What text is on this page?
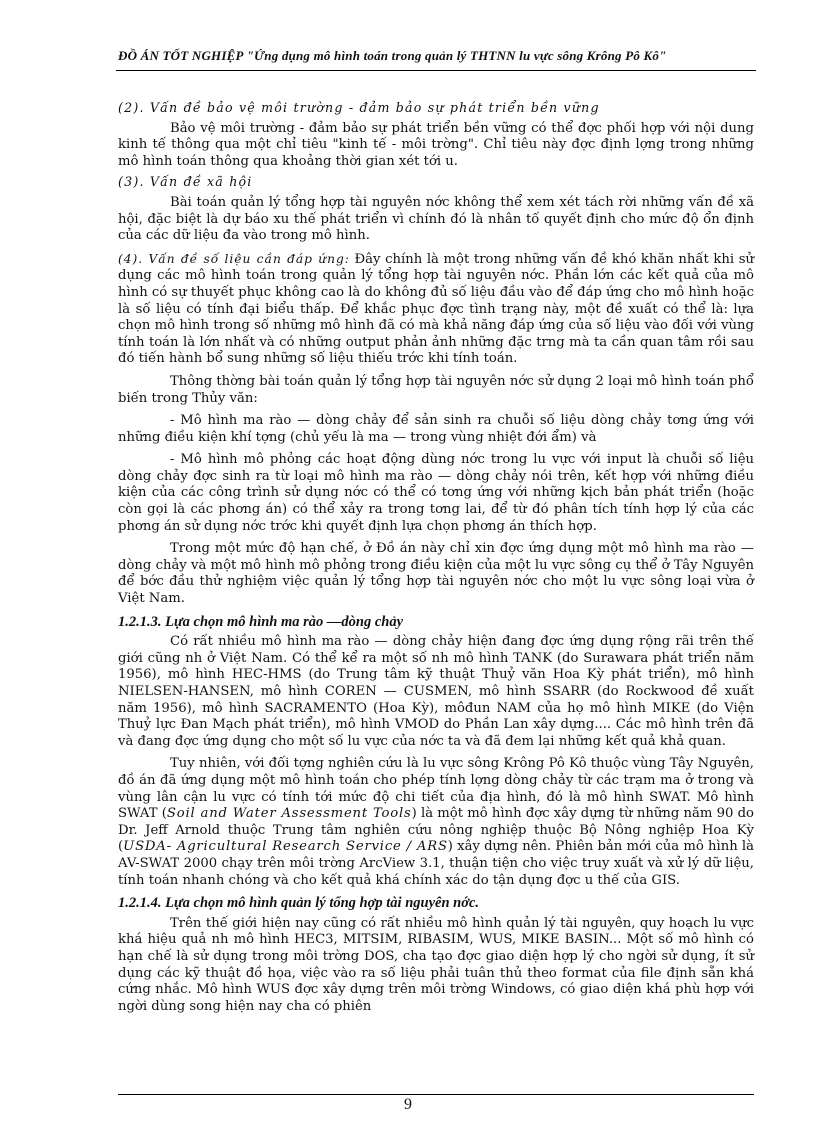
ĐỒ ÁN TỐT NGHIỆP "Ứng dụng mô hình toán trong quản lý THTNN lu vực sông Krông Pô Kô"

(2). Vấn đề bảo vệ môi trường - đảm bảo sự phát triển bền vững

Bảo vệ môi trường - đảm bảo sự phát triển bền vững có thể đợc phối hợp với nội dung kinh tế thông qua một chỉ tiêu "kinh tế - môi trờng". Chỉ tiêu này đợc định lợng trong những mô hình toán thông qua khoảng thời gian xét tới u.

(3). Vấn đề xã hội

Bài toán quản lý tổng hợp tài nguyên nớc không thể xem xét tách rời những vấn đề xã hội, đặc biệt là dự báo xu thế phát triển vì chính đó là nhân tố quyết định cho mức độ ổn định của các dữ liệu đa vào trong mô hình.

(4). Vấn đề số liệu cần đáp ứng: Đây chính là một trong những vấn đề khó khăn nhất khi sử dụng các mô hình toán trong quản lý tổng hợp tài nguyên nớc. Phần lớn các kết quả của mô hình có sự thuyết phục không cao là do không đủ số liệu đầu vào để đáp ứng cho mô hình hoặc là số liệu có tính đại biểu thấp. Để khắc phục đợc tình trạng này, một đề xuất có thể là: lựa chọn mô hình trong số những mô hình đã có mà khả năng đáp ứng của số liệu vào đối với vùng tính toán là lớn nhất và có những output phản ảnh những đặc trng mà ta cần quan tâm rồi sau đó tiến hành bổ sung những số liệu thiếu trớc khi tính toán.

Thông thờng bài toán quản lý tổng hợp tài nguyên nớc sử dụng 2 loại mô hình toán phổ biến trong Thủy văn:

- Mô hình ma rào — dòng chảy để sản sinh ra chuỗi số liệu dòng chảy tơng ứng với những điều kiện khí tợng (chủ yếu là ma — trong vùng nhiệt đới ẩm) và

- Mô hình mô phỏng các hoạt động dùng nớc trong lu vực với input là chuỗi số liệu dòng chảy đợc sinh ra từ loại mô hình ma rào — dòng chảy nói trên, kết hợp với những điều kiện của các công trình sử dụng nớc có thể có tơng ứng với những kịch bản phát triển (hoặc còn gọi là các phơng án) có thể xảy ra trong tơng lai, để từ đó phân tích tính hợp lý của các phơng án sử dụng nớc trớc khi quyết định lựa chọn phơng án thích hợp.

Trong một mức độ hạn chế, ở Đồ án này chỉ xin đợc ứng dụng một mô hình ma rào — dòng chảy và một mô hình mô phỏng trong điều kiện của một lu vực sông cụ thể ở Tây Nguyên để bớc đầu thử nghiệm việc quản lý tổng hợp tài nguyên nớc cho một lu vực sông loại vừa ở Việt Nam.

1.2.1.3. Lựa chọn mô hình ma rào —dòng chảy

Có rất nhiều mô hình ma rào — dòng chảy hiện đang đợc ứng dụng rộng rãi trên thế giới cũng nh ở Việt Nam. Có thể kể ra một số nh mô hình TANK (do Surawara phát triển năm 1956), mô hình HEC-HMS (do Trung tâm kỹ thuật Thuỷ văn Hoa Kỳ phát triển), mô hình NIELSEN-HANSEN, mô hình COREN — CUSMEN, mô hình SSARR (do Rockwood đề xuất năm 1956), mô hình SACRAMENTO (Hoa Kỳ), môđun NAM của họ mô hình MIKE (do Viện Thuỷ lực Đan Mạch phát triển), mô hình VMOD do Phần Lan xây dựng.... Các mô hình trên đã và đang đợc ứng dụng cho một số lu vực của nớc ta và đã đem lại những kết quả khả quan.

Tuy nhiên, với đối tợng nghiên cứu là lu vực sông Krông Pô Kô thuộc vùng Tây Nguyên, đồ án đã ứng dụng một mô hình toán cho phép tính lợng dòng chảy từ các trạm ma ở trong và vùng lân cận lu vực có tính tới mức độ chi tiết của địa hình, đó là mô hình SWAT. Mô hình SWAT (Soil and Water Assessment Tools) là một mô hình đợc xây dựng từ những năm 90 do Dr. Jeff Arnold thuộc Trung tâm nghiên cứu nông nghiệp thuộc Bộ Nông nghiệp Hoa Kỳ (USDA- Agricultural Research Service / ARS) xây dựng nên. Phiên bản mới của mô hình là AV-SWAT 2000 chạy trên môi trờng ArcView 3.1, thuận tiện cho việc truy xuất và xử lý dữ liệu, tính toán nhanh chóng và cho kết quả khá chính xác do tận dụng đợc u thế của GIS.

1.2.1.4. Lựa chọn mô hình quản lý tổng hợp tài nguyên nớc.

Trên thế giới hiện nay cũng có rất nhiều mô hình quản lý tài nguyên, quy hoạch lu vực khá hiệu quả nh mô hình HEC3, MITSIM, RIBASIM, WUS, MIKE BASIN... Một số mô hình có hạn chế là sử dụng trong môi trờng DOS, cha tạo đợc giao diện hợp lý cho ngời sử dụng, ít sử dụng các kỹ thuật đồ họa, việc vào ra số liệu phải tuân thủ theo format của file định sẵn khá cứng nhắc. Mô hình WUS đợc xây dựng trên môi trờng Windows, có giao diện khá phù hợp với ngời dùng song hiện nay cha có phiên

9
